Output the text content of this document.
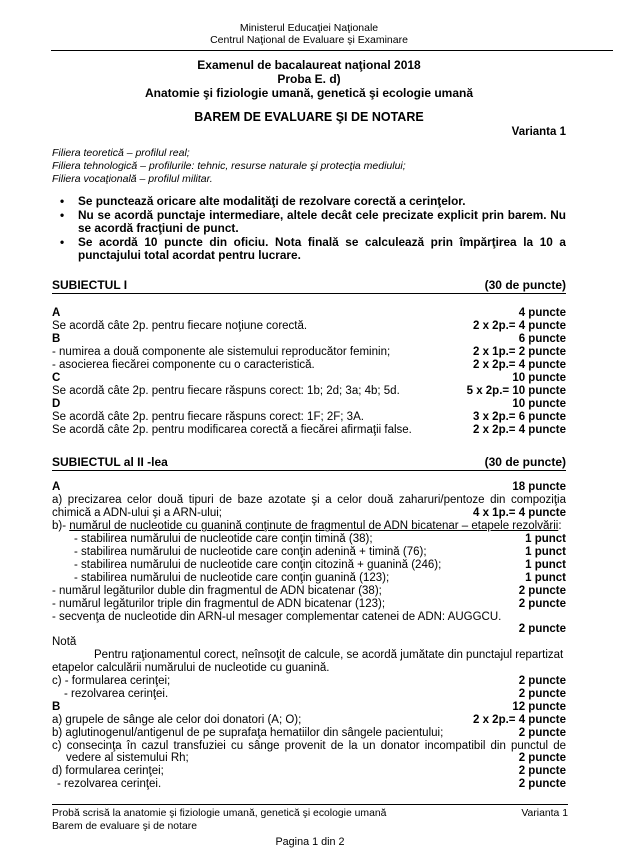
Ministerul Educaţiei Naţionale
Centrul Naţional de Evaluare şi Examinare
Examenul de bacalaureat naţional 2018
Proba E. d)
Anatomie şi fiziologie umană, genetică şi ecologie umană
BAREM DE EVALUARE ŞI DE NOTARE
Varianta 1
Filiera teoretică – profilul real;
Filiera tehnologică – profilurile: tehnic, resurse naturale şi protecţia mediului;
Filiera vocaţională – profilul militar.
•	Se punctează oricare alte modalităţi de rezolvare corectă a cerinţelor.
•	Nu se acordă punctaje intermediare, altele decât cele precizate explicit prin barem. Nu se acordă fracţiuni de punct.
•	Se acordă 10 puncte din oficiu. Nota finală se calculează prin împărţirea la 10 a punctajului total acordat pentru lucrare.
SUBIECTUL I	(30 de puncte)
A	4 puncte
Se acordă câte 2p. pentru fiecare noţiune corectă.	2 x 2p.= 4 puncte
B	6 puncte
- numirea a două componente ale sistemului reproducător feminin;	2 x 1p.= 2 puncte
- asocierea fiecărei componente cu o caracteristică.	2 x 2p.= 4 puncte
C	10 puncte
Se acordă câte 2p. pentru fiecare răspuns corect: 1b; 2d; 3a; 4b; 5d.	5 x 2p.= 10 puncte
D	10 puncte
Se acordă câte 2p. pentru fiecare răspuns corect: 1F; 2F; 3A.	3 x 2p.= 6 puncte
Se acordă câte 2p. pentru modificarea corectă a fiecărei afirmaţii false.	2 x 2p.= 4 puncte
SUBIECTUL al II -lea	(30 de puncte)
A	18 puncte
a) precizarea celor două tipuri de baze azotate şi a celor două zaharuri/pentoze din compoziţia chimică a ADN-ului şi a ARN-ului;	4 x 1p.= 4 puncte
b)- numărul de nucleotide cu guanină conţinute de fragmentul de ADN bicatenar – etapele rezolvării:
- stabilirea numărului de nucleotide care conţin timină (38);	1 punct
- stabilirea numărului de nucleotide care conţin adenină + timină (76);	1 punct
- stabilirea numărului de nucleotide care conţin citozină + guanină (246);	1 punct
- stabilirea numărului de nucleotide care conţin guanină (123);	1 punct
- numărul legăturilor duble din fragmentul de ADN bicatenar (38);	2 puncte
- numărul legăturilor triple din fragmentul de ADN bicatenar (123);	2 puncte
- secvenţa de nucleotide din ARN-ul mesager complementar catenei de ADN: AUGGCU.
2 puncte
Notă
Pentru raţionamentul corect, neînsoţit de calcule, se acordă jumătate din punctajul repartizat etapelor calculării numărului de nucleotide cu guanină.
c) - formularea cerinţei;	2 puncte
- rezolvarea cerinţei.	2 puncte
B	12 puncte
a) grupele de sânge ale celor doi donatori (A; O);	2 x 2p.= 4 puncte
b) aglutinogenul/antigenul de pe suprafaţa hematiilor din sângele pacientului;	2 puncte
c) consecinţa în cazul transfuziei cu sânge provenit de la un donator incompatibil din punctul de vedere al sistemului Rh;	2 puncte
d) formularea cerinţei;	2 puncte
- rezolvarea cerinţei.	2 puncte
Probă scrisă la anatomie şi fiziologie umană, genetică şi ecologie umană	Varianta 1
Barem de evaluare şi de notare
Pagina 1 din 2
